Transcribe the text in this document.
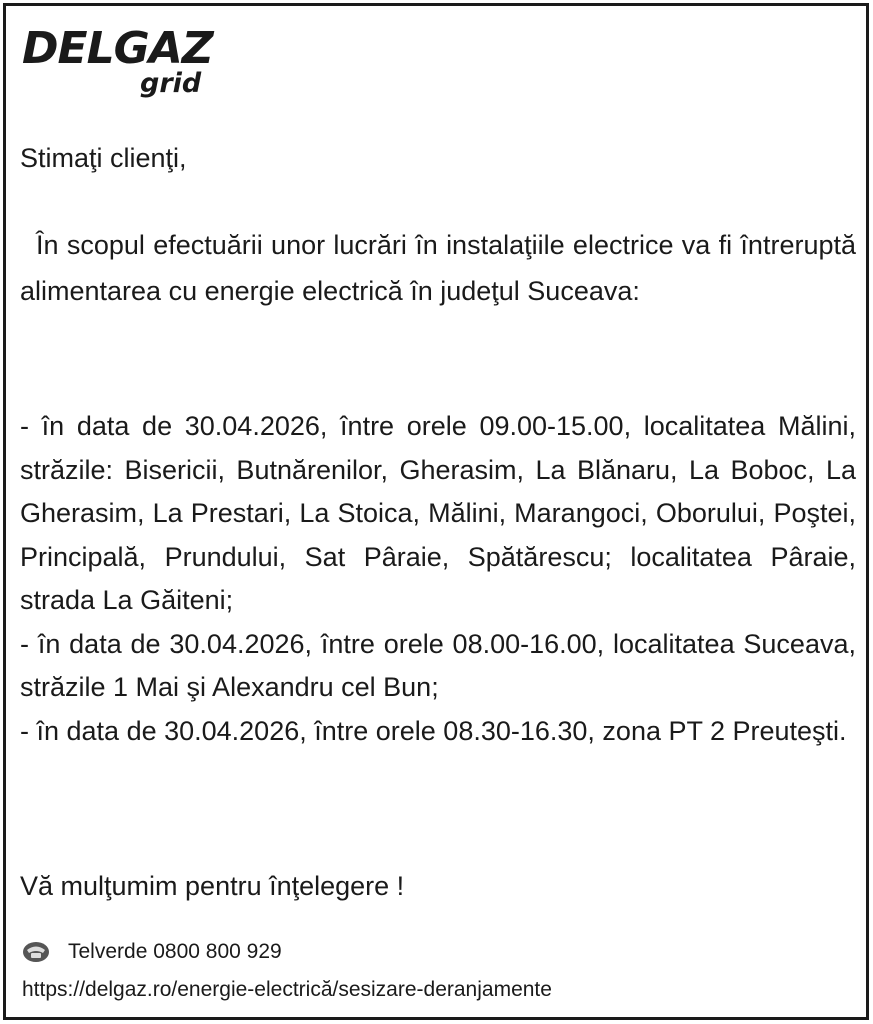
DELGAZ
grid
Stimaţi clienţi,
În scopul efectuării unor lucrări în instalaţiile electrice va fi întreruptă alimentarea cu energie electrică în judeţul Suceava:

- în data de 30.04.2026, între orele 09.00-15.00, localitatea Mălini, străzile: Bisericii, Butnărenilor, Gherasim, La Blănaru, La Boboc, La Gherasim, La Prestari, La Stoica, Mălini, Marangoci, Oborului, Poştei, Principală, Prundului, Sat Pâraie, Spătărescu; localitatea Pâraie, strada La Găiteni;

- în data de 30.04.2026, între orele 08.00-16.00, localitatea Suceava, străzile 1 Mai şi Alexandru cel Bun;

- în data de 30.04.2026, între orele 08.30-16.30, zona PT 2 Preuteşti.

Vă mulţumim pentru înţelegere !
Telverde 0800 800 929
https://delgaz.ro/energie-electrică/sesizare-deranjamente
